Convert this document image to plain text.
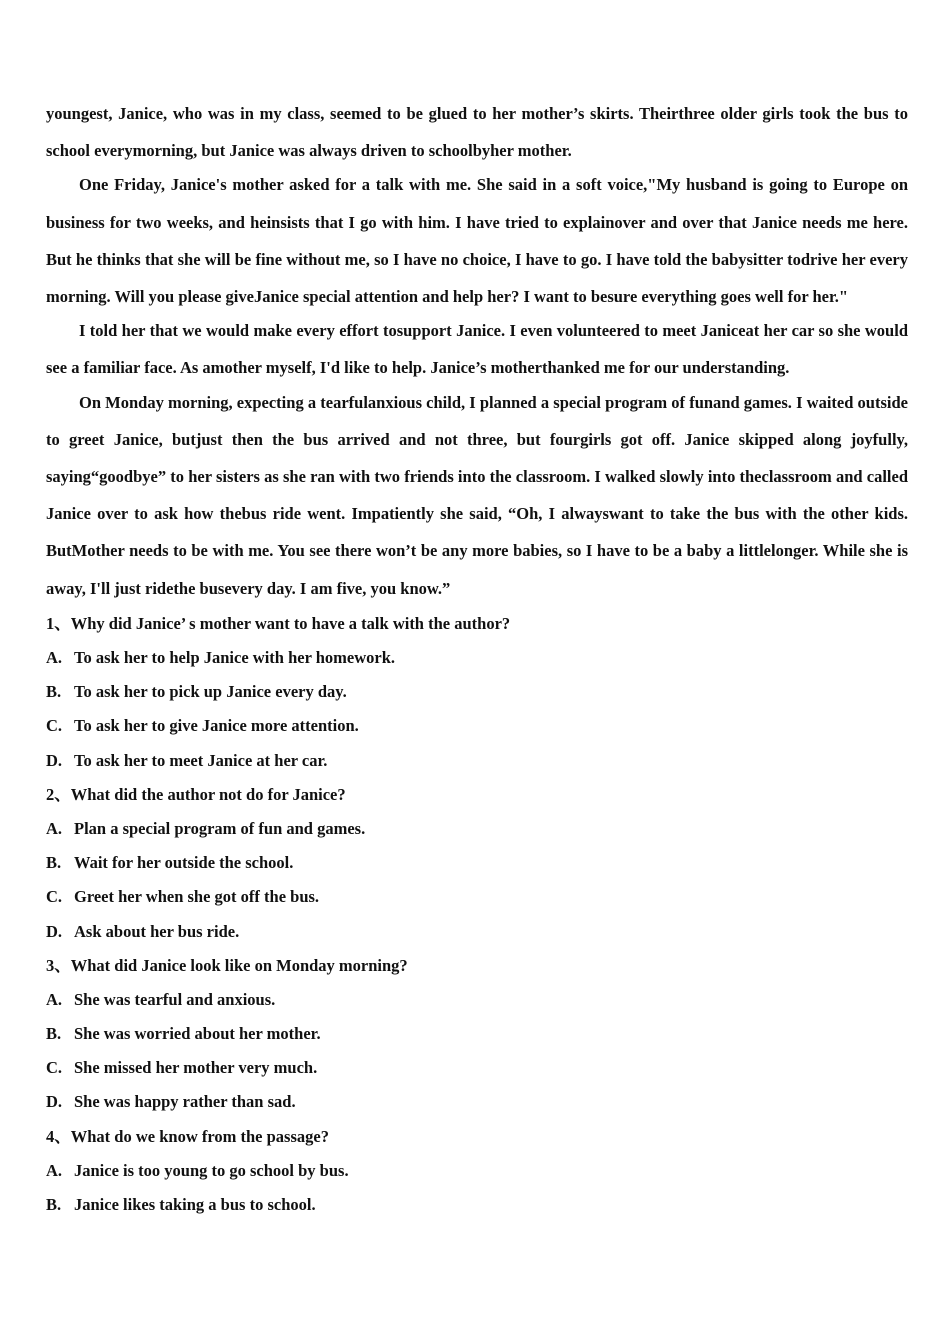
youngest, Janice, who was in my class, seemed to be glued to her mother’s skirts. Theirthree older girls took the bus to school everymorning, but Janice was always driven to schoolbyher mother.

One Friday, Janice's mother asked for a talk with me. She said in a soft voice,"My husband is going to Europe on business for two weeks, and heinsists that I go with him. I have tried to explainover and over that Janice needs me here. But he thinks that she will be fine without me, so I have no choice, I have to go. I have told the babysitter todrive her every morning. Will you please giveJanice special attention and help her? I want to besure everything goes well for her."

I told her that we would make every effort tosupport Janice. I even volunteered to meet Janiceat her car so she would see a familiar face. As amother myself, I'd like to help. Janice’s motherthanked me for our understanding.

On Monday morning, expecting a tearfulanxious child, I planned a special program of funand games. I waited outside to greet Janice, butjust then the bus arrived and not three, but fourgirls got off. Janice skipped along joyfully, saying“goodbye” to her sisters as she ran with two friends into the classroom. I walked slowly into theclassroom and called Janice over to ask how thebus ride went. Impatiently she said, “Oh, I alwayswant to take the bus with the other kids. ButMother needs to be with me. You see there won’t be any more babies, so I have to be a baby a littlelonger. While she is away, I'll just ridethe busevery day. I am five, you know.”

1、Why did Janice’ s mother want to have a talk with the author?

A. To ask her to help Janice with her homework.

B. To ask her to pick up Janice every day.

C. To ask her to give Janice more attention.

D. To ask her to meet Janice at her car.

2、What did the author not do for Janice?

A. Plan a special program of fun and games.

B. Wait for her outside the school.

C. Greet her when she got off the bus.

D. Ask about her bus ride.

3、What did Janice look like on Monday morning?

A. She was tearful and anxious.

B. She was worried about her mother.

C. She missed her mother very much.

D. She was happy rather than sad.

4、What do we know from the passage?

A. Janice is too young to go school by bus.

B. Janice likes taking a bus to school.
